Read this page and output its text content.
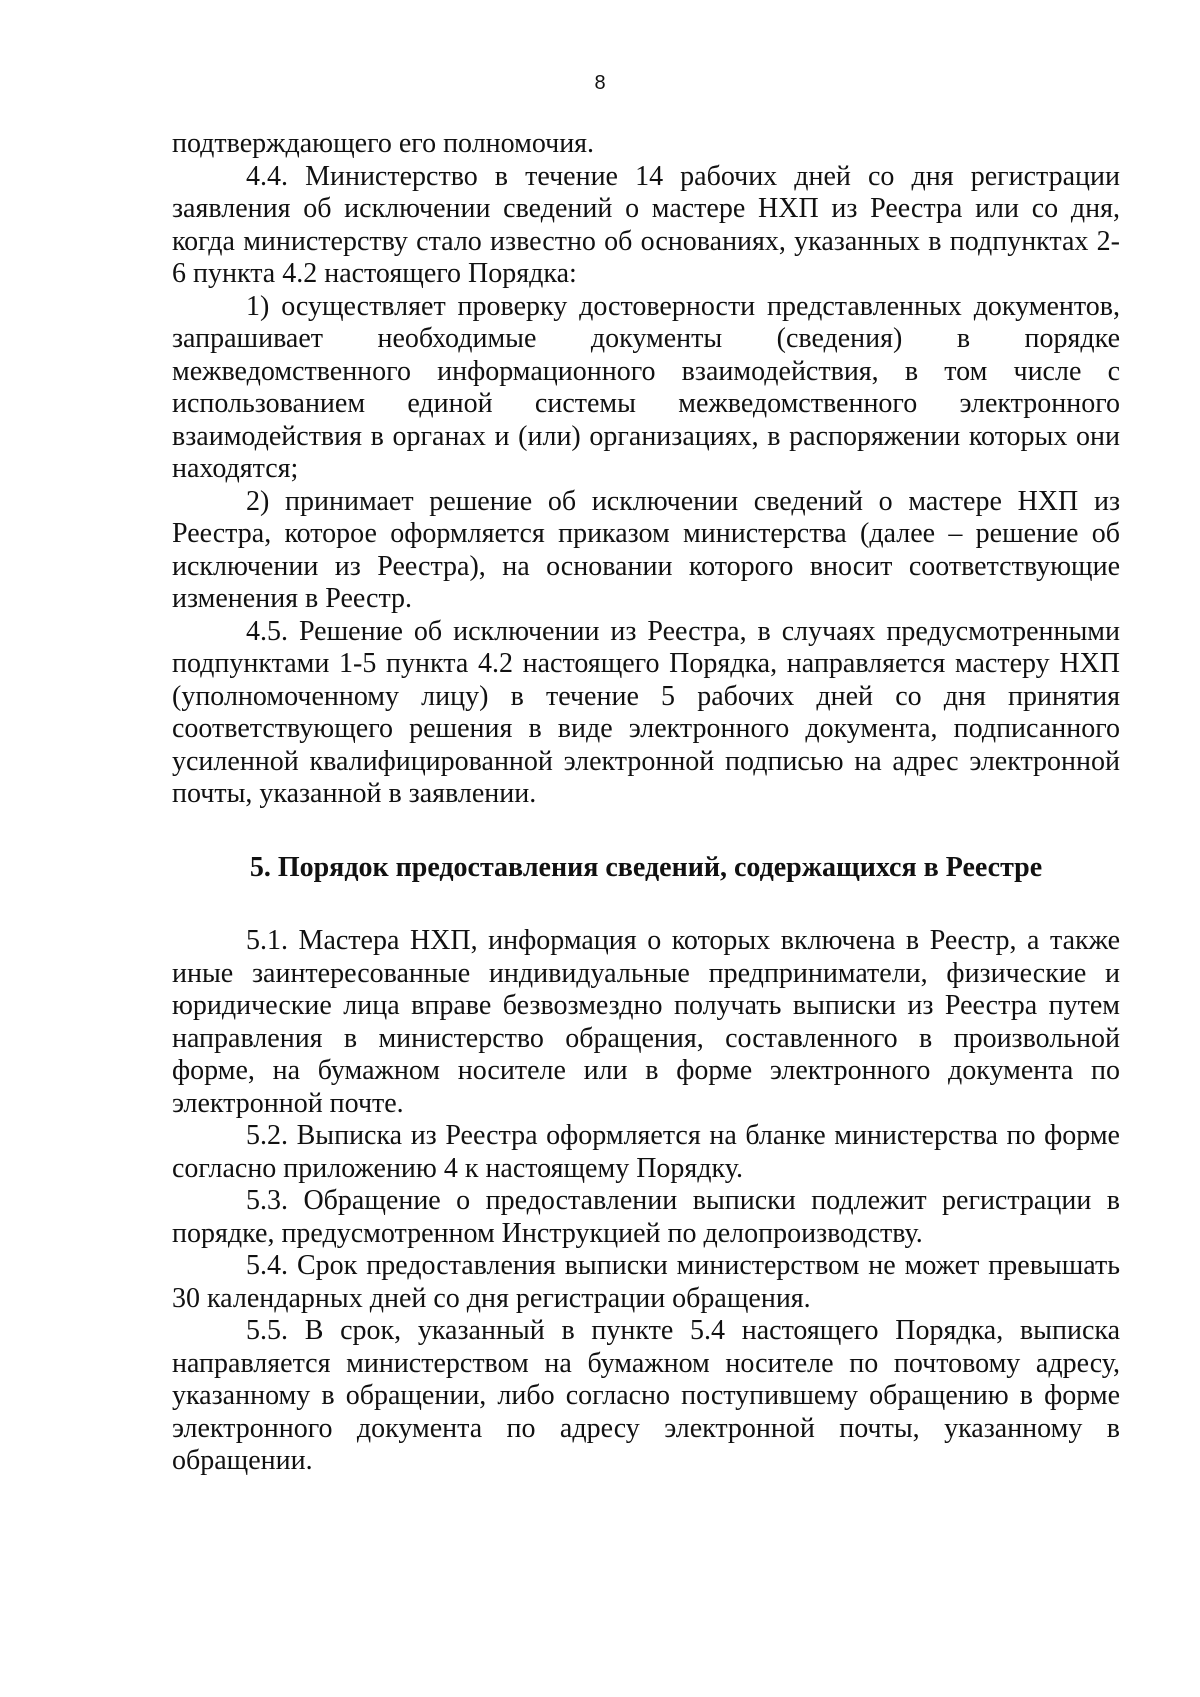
8

подтверждающего его полномочия.

4.4. Министерство в течение 14 рабочих дней со дня регистрации заявления об исключении сведений о мастере НХП из Реестра или со дня, когда министерству стало известно об основаниях, указанных в подпунктах 2-6 пункта 4.2 настоящего Порядка:

1) осуществляет проверку достоверности представленных документов, запрашивает необходимые документы (сведения) в порядке межведомственного информационного взаимодействия, в том числе с использованием единой системы межведомственного электронного взаимодействия в органах и (или) организациях, в распоряжении которых они находятся;

2) принимает решение об исключении сведений о мастере НХП из Реестра, которое оформляется приказом министерства (далее – решение об исключении из Реестра), на основании которого вносит соответствующие изменения в Реестр.

4.5. Решение об исключении из Реестра, в случаях предусмотренными подпунктами 1-5 пункта 4.2 настоящего Порядка, направляется мастеру НХП (уполномоченному лицу) в течение 5 рабочих дней со дня принятия соответствующего решения в виде электронного документа, подписанного усиленной квалифицированной электронной подписью на адрес электронной почты, указанной в заявлении.

5. Порядок предоставления сведений, содержащихся в Реестре

5.1. Мастера НХП, информация о которых включена в Реестр, а также иные заинтересованные индивидуальные предприниматели, физические и юридические лица вправе безвозмездно получать выписки из Реестра путем направления в министерство обращения, составленного в произвольной форме, на бумажном носителе или в форме электронного документа по электронной почте.

5.2. Выписка из Реестра оформляется на бланке министерства по форме согласно приложению 4 к настоящему Порядку.

5.3. Обращение о предоставлении выписки подлежит регистрации в порядке, предусмотренном Инструкцией по делопроизводству.

5.4. Срок предоставления выписки министерством не может превышать 30 календарных дней со дня регистрации обращения.

5.5. В срок, указанный в пункте 5.4 настоящего Порядка, выписка направляется министерством на бумажном носителе по почтовому адресу, указанному в обращении, либо согласно поступившему обращению в форме электронного документа по адресу электронной почты, указанному в обращении.
